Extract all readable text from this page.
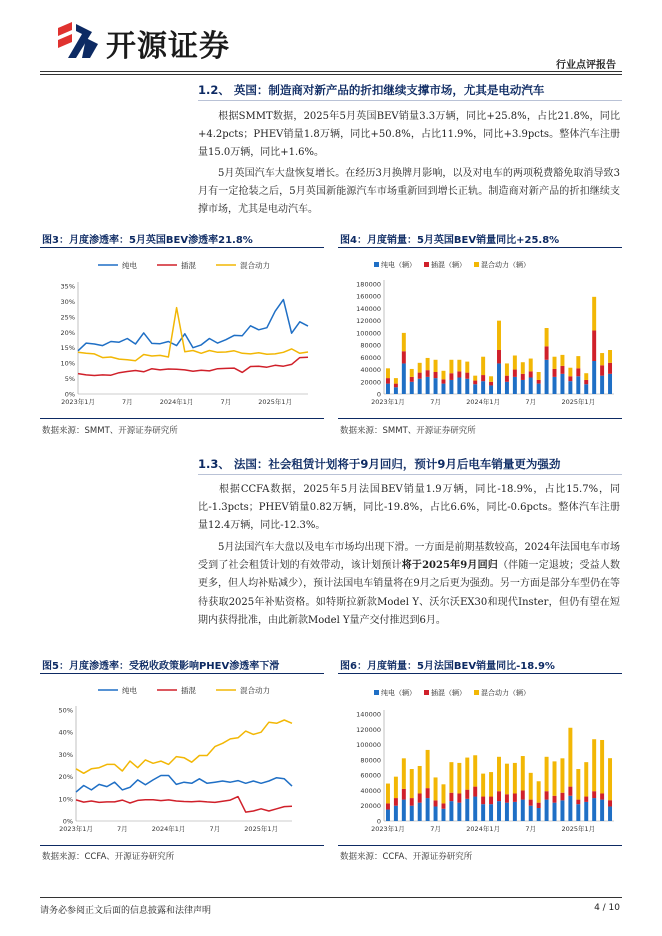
开源证券
行业点评报告
1.2、 英国：制造商对新产品的折扣继续支撑市场，尤其是电动汽车
根据SMMT数据，2025年5月英国BEV销量3.3万辆，同比+25.8%，占比21.8%，同比+4.2pcts；PHEV销量1.8万辆，同比+50.8%，占比11.9%，同比+3.9pcts。整体汽车注册量15.0万辆，同比+1.6%。
5月英国汽车大盘恢复增长。在经历3月换牌月影响，以及对电车的两项税费豁免取消导致3月有一定抢装之后，5月英国新能源汽车市场重新回到增长正轨。制造商对新产品的折扣继续支撑市场，尤其是电动汽车。
图3：月度渗透率：5月英国BEV渗透率21.8%	图4：月度销量：5月英国BEV销量同比+25.8%
纯电	插混	混合动力
0%
5%
10%
15%
20%
25%
30%
35%
2023年1月	7月	2024年1月	7月	2025年1月
纯电（辆） 插混（辆） 混合动力（辆）
0
20000
40000
60000
80000
100000
120000
140000
160000
180000
2023年1月	7月	2024年1月	7月	2025年1月
数据来源：SMMT、开源证券研究所	数据来源：SMMT、开源证券研究所
1.3、 法国：社会租赁计划将于9月回归，预计9月后电车销量更为强劲
根据CCFA数据，2025年5月法国BEV销量1.9万辆，同比-18.9%，占比15.7%，同比-1.3pcts；PHEV销量0.82万辆，同比-19.8%，占比6.6%，同比-0.6pcts。整体汽车注册量12.4万辆，同比-12.3%。
5月法国汽车大盘以及电车市场均出现下滑。一方面是前期基数较高，2024年法国电车市场受到了社会租赁计划的有效带动，该计划预计将于2025年9月回归（伴随一定退坡；受益人数更多，但人均补贴减少），预计法国电车销量将在9月之后更为强劲。另一方面是部分车型仍在等待获取2025年补贴资格。如特斯拉新款Model Y、沃尔沃EX30和现代Inster，但仍有望在短期内获得批准，由此新款Model Y量产交付推迟到6月。
图5：月度渗透率：受税收政策影响PHEV渗透率下滑	图6：月度销量：5月法国BEV销量同比-18.9%
纯电	插混	混合动力
0%
10%
20%
30%
40%
50%
2023年1月	7月	2024年1月	7月	2025年1月
纯电（辆） 插混（辆） 混合动力（辆）
0
20000
40000
60000
80000
100000
120000
140000
2023年1月	7月	2024年1月	7月	2025年1月
数据来源：CCFA、开源证券研究所	数据来源：CCFA、开源证券研究所
请务必参阅正文后面的信息披露和法律声明	4 / 10
